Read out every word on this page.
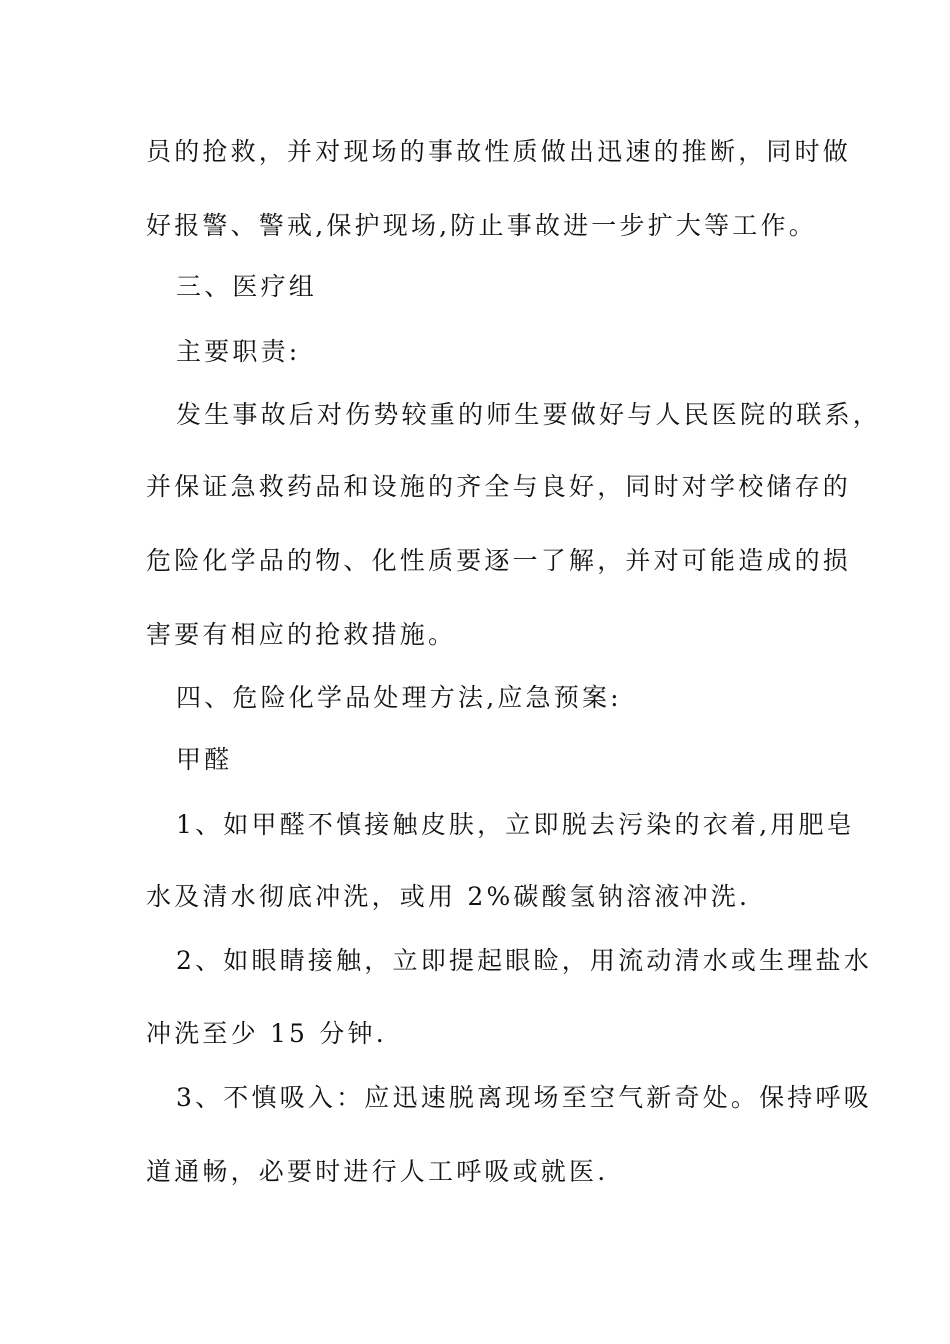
员的抢救，并对现场的事故性质做出迅速的推断，同时做
好报警、警戒,保护现场,防止事故进一步扩大等工作。
三、医疗组
主要职责:
发生事故后对伤势较重的师生要做好与人民医院的联系，
并保证急救药品和设施的齐全与良好，同时对学校储存的
危险化学品的物、化性质要逐一了解，并对可能造成的损
害要有相应的抢救措施。
四、危险化学品处理方法,应急预案:
甲醛
1、如甲醛不慎接触皮肤，立即脱去污染的衣着,用肥皂
水及清水彻底冲洗，或用 2%碳酸氢钠溶液冲洗.
2、如眼睛接触，立即提起眼睑，用流动清水或生理盐水
冲洗至少 15 分钟.
3、不慎吸入：应迅速脱离现场至空气新奇处。保持呼吸
道通畅，必要时进行人工呼吸或就医.
